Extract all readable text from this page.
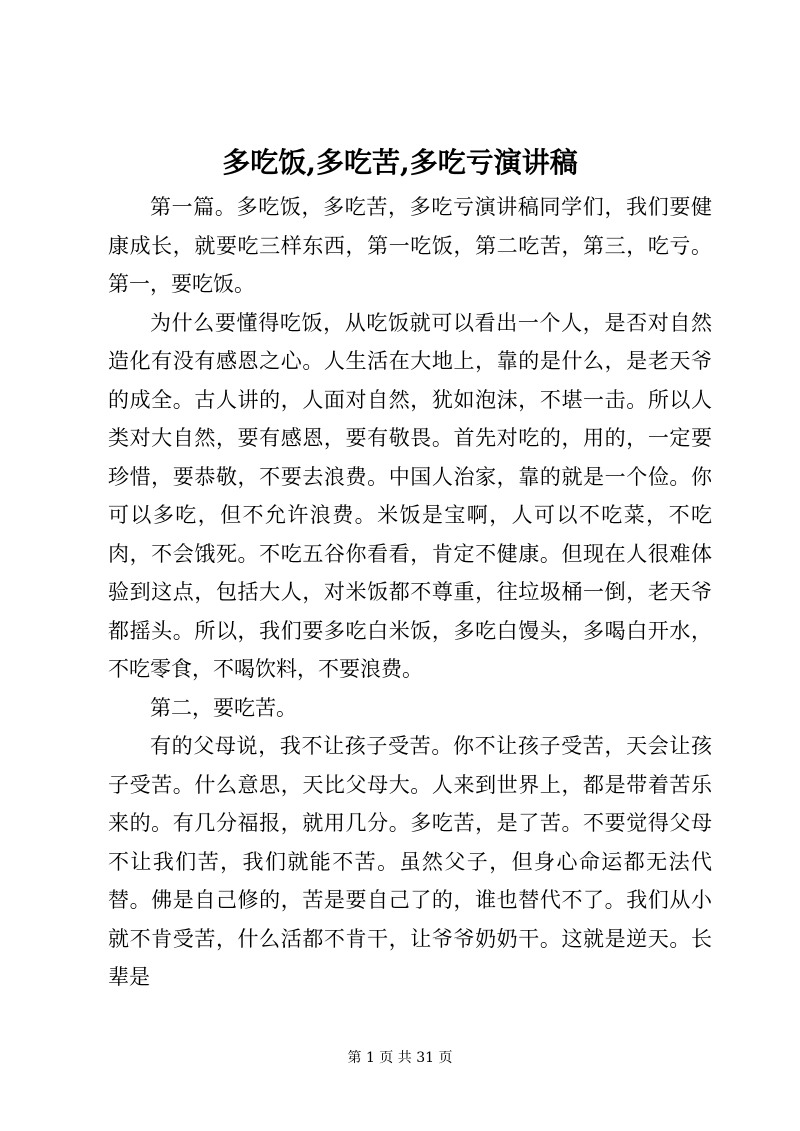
多吃饭,多吃苦,多吃亏演讲稿

第一篇。多吃饭，多吃苦，多吃亏演讲稿同学们，我们要健康成长，就要吃三样东西，第一吃饭，第二吃苦，第三，吃亏。第一，要吃饭。

为什么要懂得吃饭，从吃饭就可以看出一个人，是否对自然造化有没有感恩之心。人生活在大地上，靠的是什么，是老天爷的成全。古人讲的，人面对自然，犹如泡沫，不堪一击。所以人类对大自然，要有感恩，要有敬畏。首先对吃的，用的，一定要珍惜，要恭敬，不要去浪费。中国人治家，靠的就是一个俭。你可以多吃，但不允许浪费。米饭是宝啊，人可以不吃菜，不吃肉，不会饿死。不吃五谷你看看，肯定不健康。但现在人很难体验到这点，包括大人，对米饭都不尊重，往垃圾桶一倒，老天爷都摇头。所以，我们要多吃白米饭，多吃白馒头，多喝白开水，不吃零食，不喝饮料，不要浪费。

第二，要吃苦。

有的父母说，我不让孩子受苦。你不让孩子受苦，天会让孩子受苦。什么意思，天比父母大。人来到世界上，都是带着苦乐来的。有几分福报，就用几分。多吃苦，是了苦。不要觉得父母不让我们苦，我们就能不苦。虽然父子，但身心命运都无法代替。佛是自己修的，苦是要自己了的，谁也替代不了。我们从小就不肯受苦，什么活都不肯干，让爷爷奶奶干。这就是逆天。长辈是

第 1 页 共 31 页
